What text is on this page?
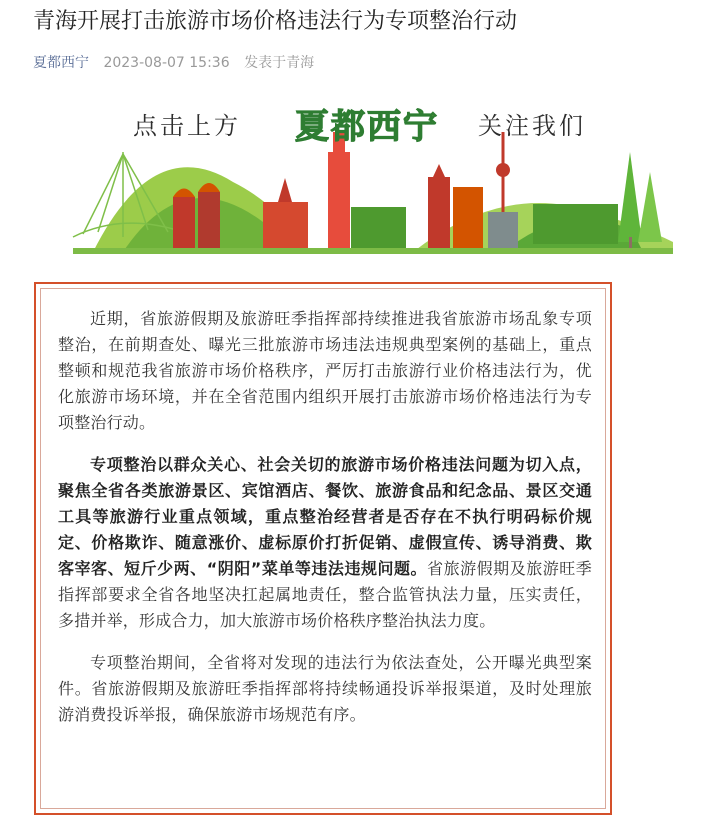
青海开展打击旅游市场价格违法行为专项整治行动
夏都西宁 2023-08-07 15:36 发表于青海
点击上方 夏都西宁 关注我们

近期，省旅游假期及旅游旺季指挥部持续推进我省旅游市场乱象专项整治，在前期查处、曝光三批旅游市场违法违规典型案例的基础上，重点整顿和规范我省旅游市场价格秩序，严厉打击旅游行业价格违法行为，优化旅游市场环境，并在全省范围内组织开展打击旅游市场价格违法行为专项整治行动。

专项整治以群众关心、社会关切的旅游市场价格违法问题为切入点，聚焦全省各类旅游景区、宾馆酒店、餐饮、旅游食品和纪念品、景区交通工具等旅游行业重点领域，重点整治经营者是否存在不执行明码标价规定、价格欺诈、随意涨价、虚标原价打折促销、虚假宣传、诱导消费、欺客宰客、短斤少两、“阴阳”菜单等违法违规问题。省旅游假期及旅游旺季指挥部要求全省各地坚决扛起属地责任，整合监管执法力量，压实责任，多措并举，形成合力，加大旅游市场价格秩序整治执法力度。

专项整治期间，全省将对发现的违法行为依法查处，公开曝光典型案件。省旅游假期及旅游旺季指挥部将持续畅通投诉举报渠道，及时处理旅游消费投诉举报，确保旅游市场规范有序。
